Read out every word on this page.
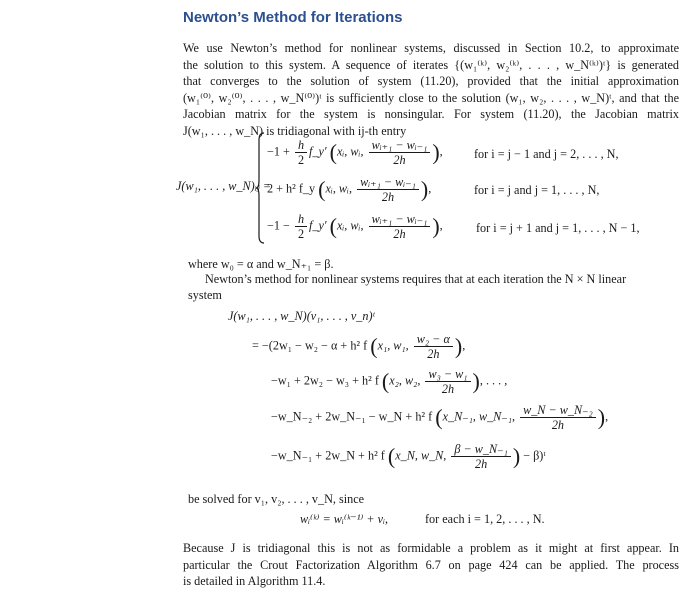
Newton’s Method for Iterations
We use Newton’s method for nonlinear systems, discussed in Section 10.2, to approximate
the solution to this system. A sequence of iterates {(w₁⁽ᵏ⁾, w₂⁽ᵏ⁾, . . . , w_N⁽ᵏ⁾)ᵗ} is generated
that converges to the solution of system (11.20), provided that the initial approximation
(w₁⁽⁰⁾, w₂⁽⁰⁾, . . . , w_N⁽⁰⁾)ᵗ is sufficiently close to the solution (w₁, w₂, . . . , w_N)ᵗ, and that the
Jacobian matrix for the system is nonsingular. For system (11.20), the Jacobian matrix
J(w₁, . . . , w_N) is tridiagonal with ij-th entry
J(w₁, . . . , w_N)ᵢⱼ =
$-1 + \frac{h}{2}$ f_y′ (xᵢ, wᵢ, $\frac{\text{wᵢ₊₁ − wᵢ₋₁}}{2h}$ ),	for i = j − 1 and j = 2, . . . , N,
2 + h² f_y (xᵢ, wᵢ, $\frac{\text{wᵢ₊₁ − wᵢ₋₁}}{2h}$ ),	for i = j and j = 1, . . . , N,
$-1 - \frac{h}{2}$ f_y′ (xᵢ, wᵢ, $\frac{\text{wᵢ₊₁ − wᵢ₋₁}}{2h}$ ),	for i = j + 1 and j = 1, . . . , N − 1,
where w₀ = α and w_N₊₁ = β.
Newton’s method for nonlinear systems requires that at each iteration the N × N linear
system
J(w₁, . . . , w_N)(v₁, . . . , v_n)ᵗ
= −(2w₁ − w₂ − α + h² f (x₁, w₁, $\frac{\text{w₂ − α}}{2h}$ ),
−w₁ + 2w₂ − w₃ + h² f (x₂, w₂, $\frac{\text{w₃ − w₁}}{2h}$ ), . . . ,
−w_N₋₂ + 2w_N₋₁ − w_N + h² f (x_N₋₁, w_N₋₁, $\frac{\text{w\_N − w\_N₋₂}}{2h}$ ),
−w_N₋₁ + 2w_N + h² f (x_N, w_N, $\frac{\text{β − w\_N₋₁}}{2h}$ ) − β)ᵗ
be solved for v₁, v₂, . . . , v_N, since
wᵢ⁽ᵏ⁾ = wᵢ⁽ᵏ⁻¹⁾ + vᵢ,	for each i = 1, 2, . . . , N.
Because J is tridiagonal this is not as formidable a problem as it might at first appear. In
particular the Crout Factorization Algorithm 6.7 on page 424 can be applied. The process
is detailed in Algorithm 11.4.
